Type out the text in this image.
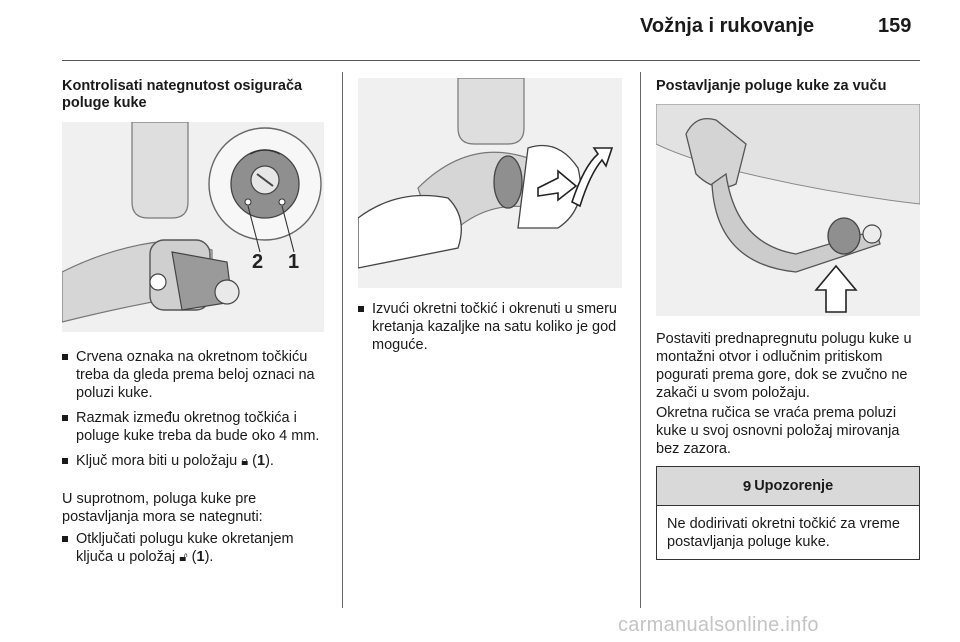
Vožnja i rukovanje	159
Kontrolisati nategnutost osigurača poluge kuke
2 1
Crvena oznaka na okretnom točkiću treba da gleda prema beloj oznaci na poluzi kuke.
Razmak između okretnog točkića i poluge kuke treba da bude oko 4 mm.
Ključ mora biti u položaju 🔒︎ (1).

U suprotnom, poluga kuke pre postavljanja mora se nategnuti:

Otključati polugu kuke okretanjem ključa u položaj 🔓︎ (1).
Izvući okretni točkić i okrenuti u smeru kretanja kazaljke na satu koliko je god moguće.
Postavljanje poluge kuke za vuču

Postaviti prednapregnutu polugu kuke u montažni otvor i odlučnim pritiskom pogurati prema gore, dok se zvučno ne zakači u svom položaju.

Okretna ručica se vraća prema poluzi kuke u svoj osnovni položaj mirovanja bez zazora.

9 Upozorenje
Ne dodirivati okretni točkić za vreme postavljanja poluge kuke.
carmanualsonline.info
